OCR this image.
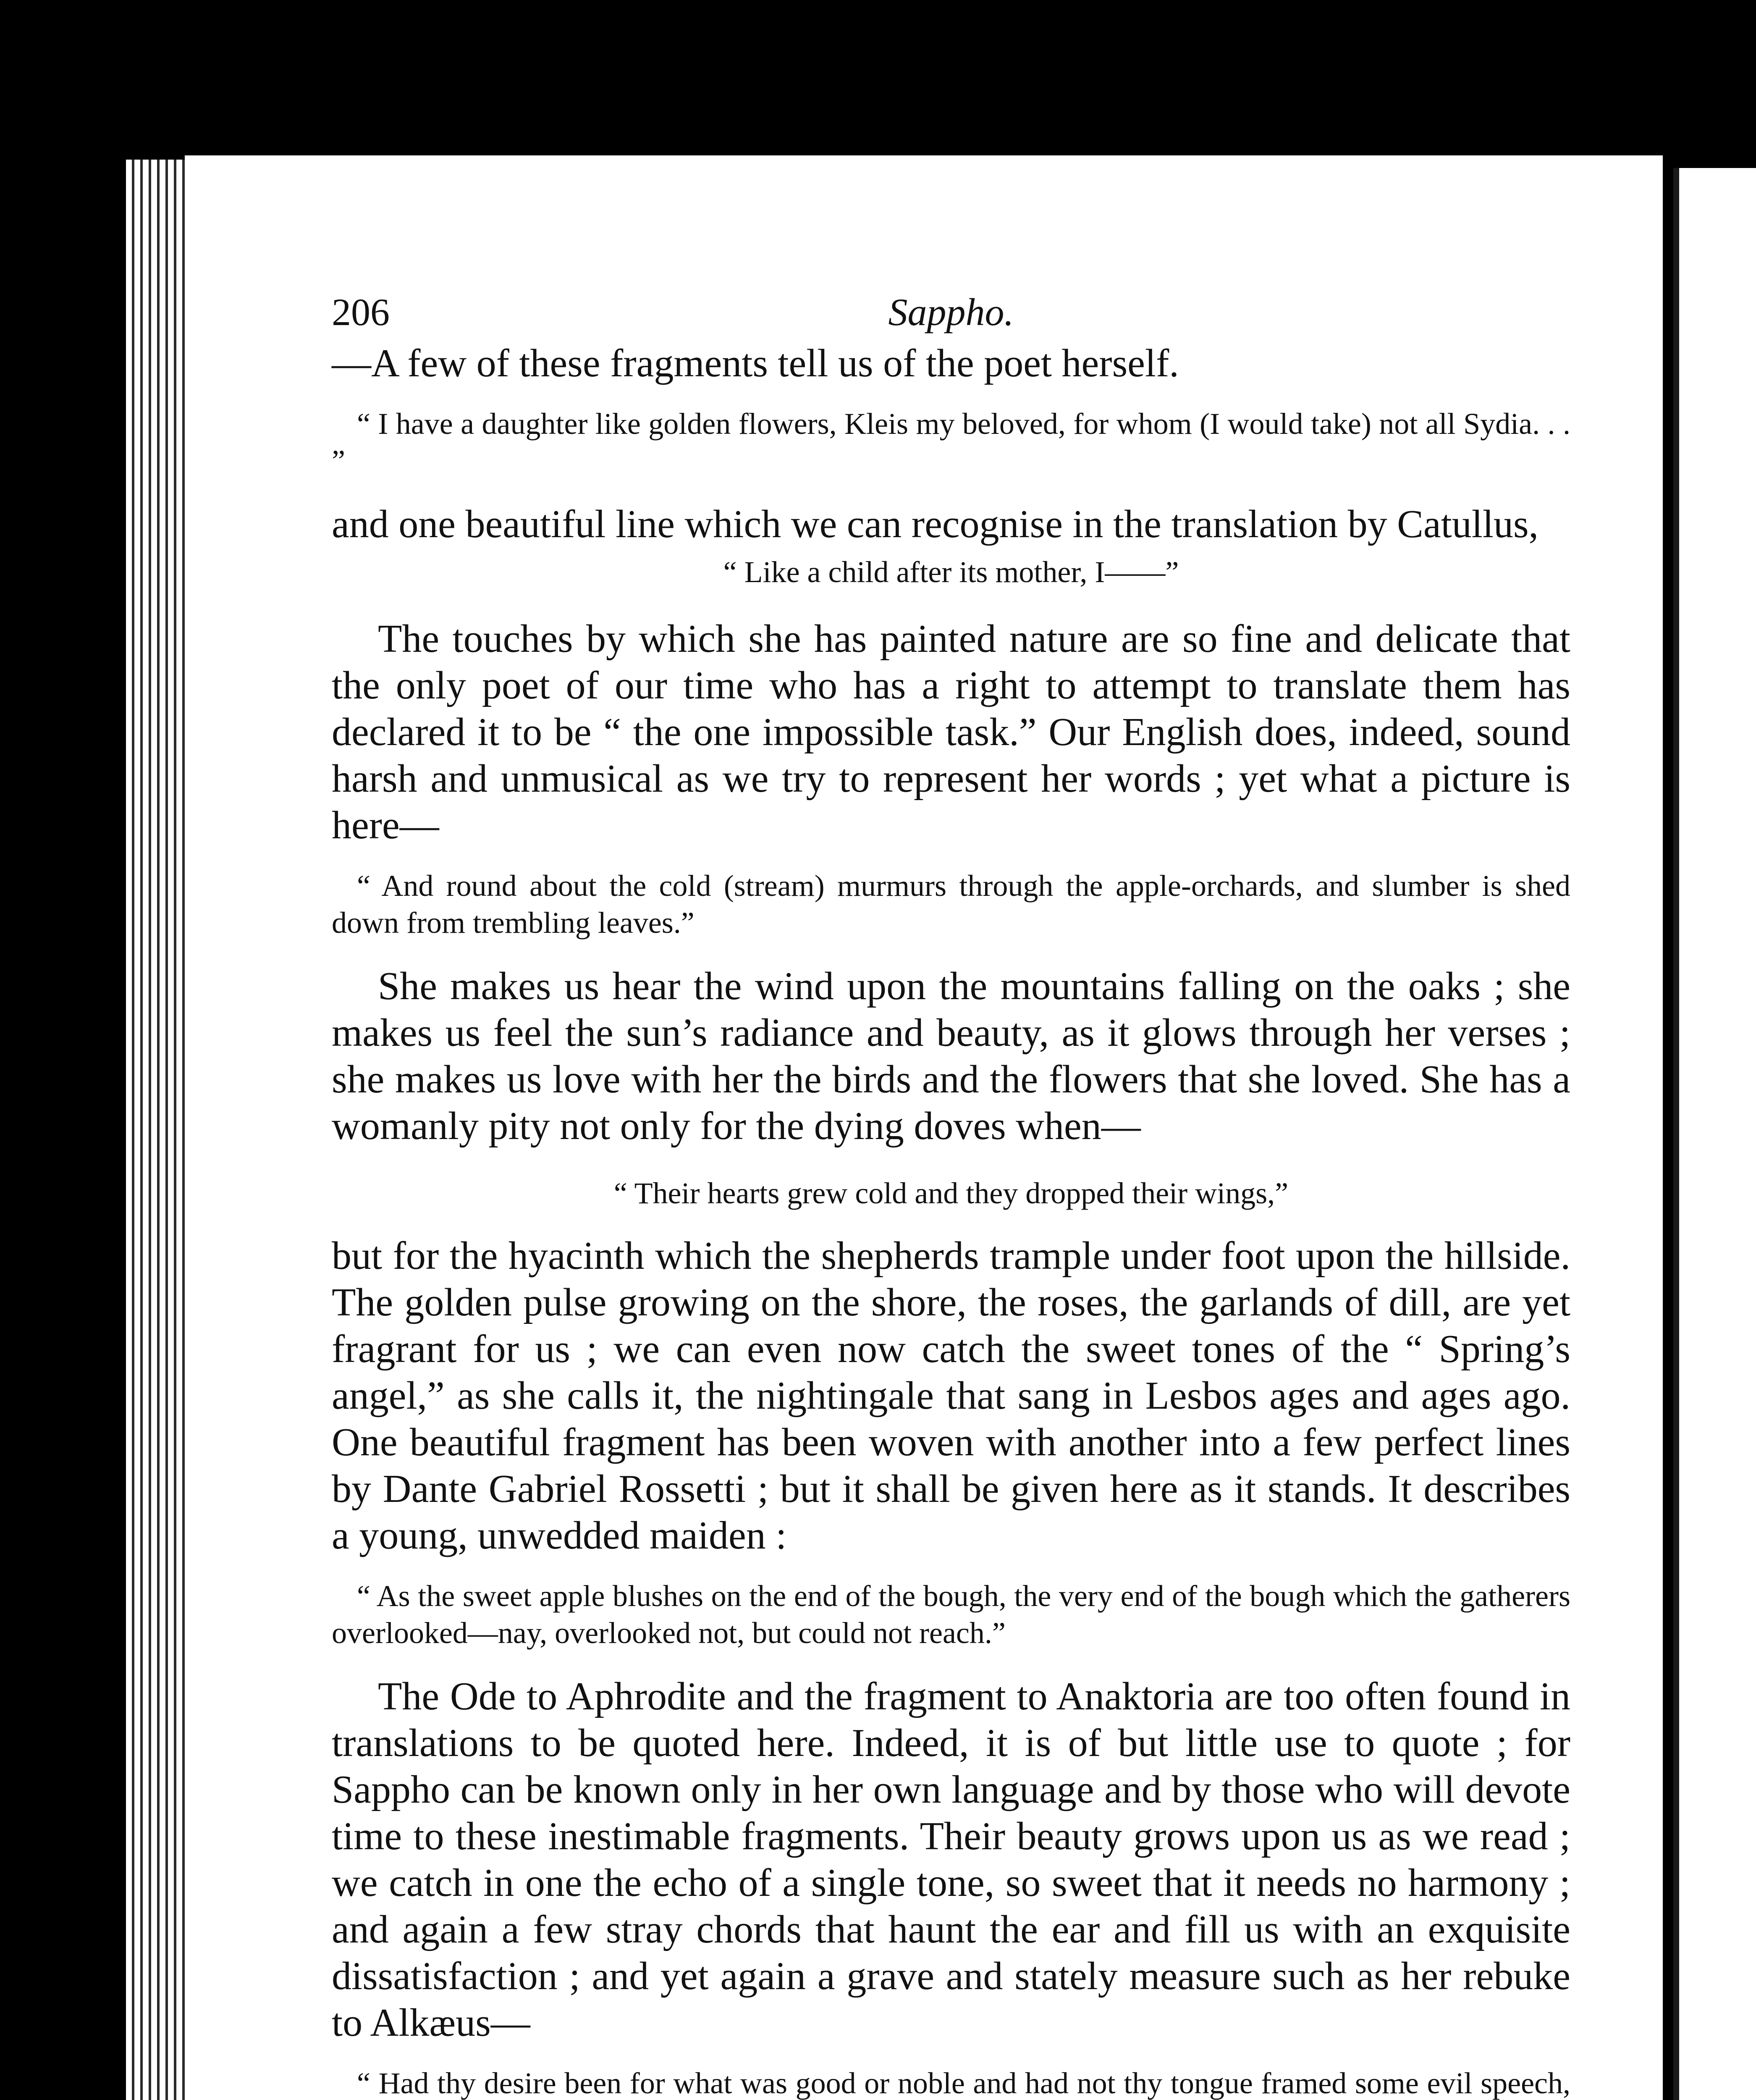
206	Sappho.

—A few of these fragments tell us of the poet herself.

“ I have a daughter like golden flowers, Kleis my beloved, for whom (I would take) not all Sydia. . . ”

and one beautiful line which we can recognise in the translation by Catullus,

“ Like a child after its mother, I——”

The touches by which she has painted nature are so fine and delicate that the only poet of our time who has a right to attempt to translate them has declared it to be “ the one impossible task.” Our English does, indeed, sound harsh and unmusical as we try to represent her words ; yet what a picture is here—

“ And round about the cold (stream) murmurs through the apple-orchards, and slumber is shed down from trembling leaves.”

She makes us hear the wind upon the mountains falling on the oaks ; she makes us feel the sun’s radiance and beauty, as it glows through her verses ; she makes us love with her the birds and the flowers that she loved. She has a womanly pity not only for the dying doves when—

“ Their hearts grew cold and they dropped their wings,”

but for the hyacinth which the shepherds trample under foot upon the hillside. The golden pulse growing on the shore, the roses, the garlands of dill, are yet fragrant for us ; we can even now catch the sweet tones of the “ Spring’s angel,” as she calls it, the nightingale that sang in Lesbos ages and ages ago. One beautiful fragment has been woven with another into a few perfect lines by Dante Gabriel Rossetti ; but it shall be given here as it stands. It describes a young, unwedded maiden :

“ As the sweet apple blushes on the end of the bough, the very end of the bough which the gatherers overlooked—nay, overlooked not, but could not reach.”

The Ode to Aphrodite and the fragment to Anaktoria are too often found in translations to be quoted here. Indeed, it is of but little use to quote ; for Sappho can be known only in her own language and by those who will devote time to these inestimable fragments. Their beauty grows upon us as we read ; we catch in one the echo of a single tone, so sweet that it needs no harmony ; and again a few stray chords that haunt the ear and fill us with an exquisite dissatisfaction ; and yet again a grave and stately measure such as her rebuke to Alkæus—

“ Had thy desire been for what was good or noble and had not thy tongue framed some evil speech,
